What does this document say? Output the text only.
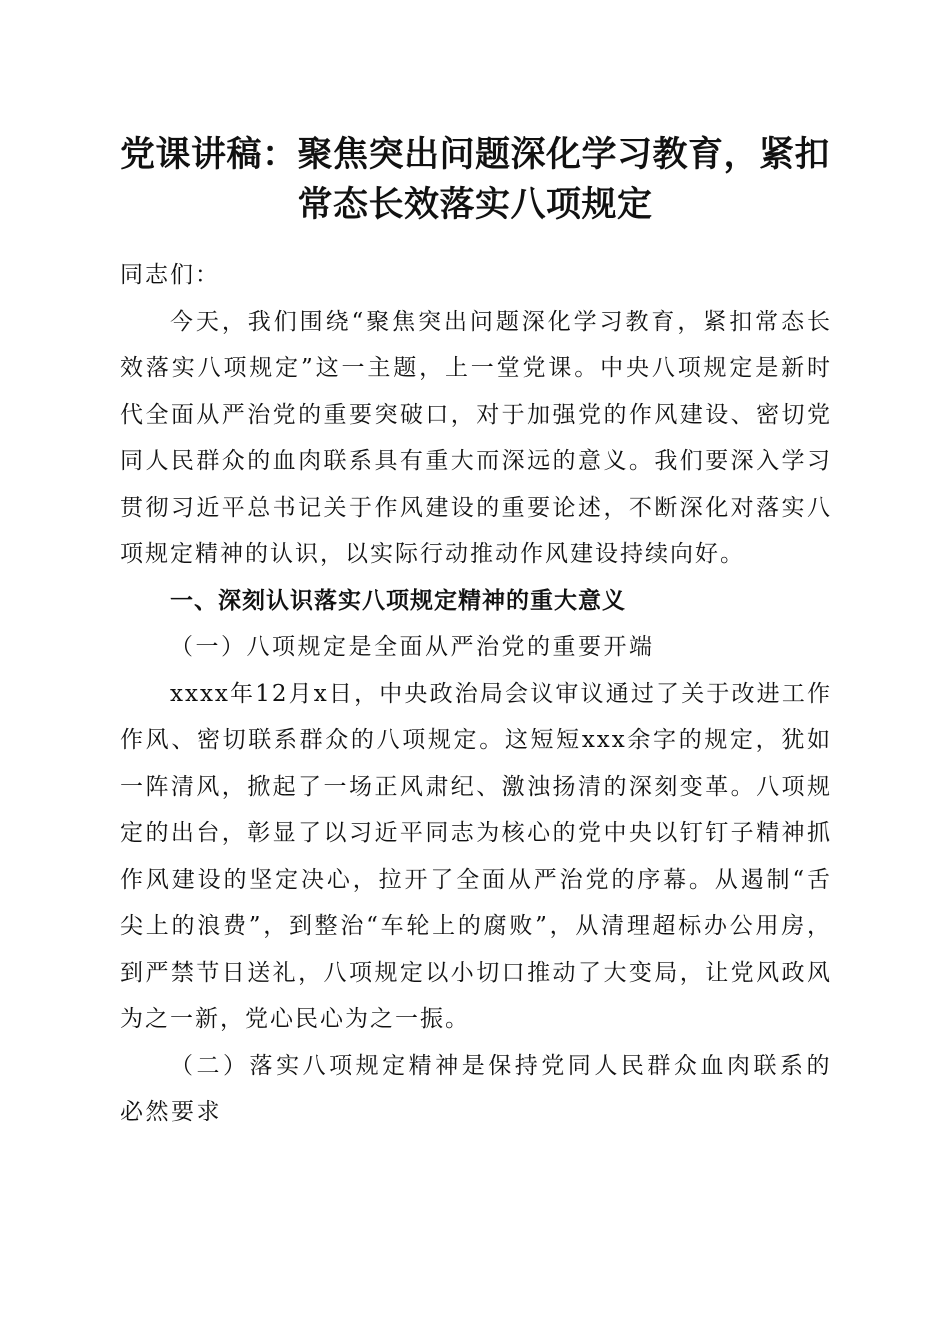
党课讲稿：聚焦突出问题深化学习教育，紧扣常态长效落实八项规定

同志们：

今天，我们围绕“聚焦突出问题深化学习教育，紧扣常态长效落实八项规定”这一主题，上一堂党课。中央八项规定是新时代全面从严治党的重要突破口，对于加强党的作风建设、密切党同人民群众的血肉联系具有重大而深远的意义。我们要深入学习贯彻习近平总书记关于作风建设的重要论述，不断深化对落实八项规定精神的认识，以实际行动推动作风建设持续向好。

一、深刻认识落实八项规定精神的重大意义

（一）八项规定是全面从严治党的重要开端

xxxx年12月x日，中央政治局会议审议通过了关于改进工作作风、密切联系群众的八项规定。这短短xxx余字的规定，犹如一阵清风，掀起了一场正风肃纪、激浊扬清的深刻变革。八项规定的出台，彰显了以习近平同志为核心的党中央以钉钉子精神抓作风建设的坚定决心，拉开了全面从严治党的序幕。从遏制“舌尖上的浪费”，到整治“车轮上的腐败”，从清理超标办公用房，到严禁节日送礼，八项规定以小切口推动了大变局，让党风政风为之一新，党心民心为之一振。

（二）落实八项规定精神是保持党同人民群众血肉联系的必然要求
